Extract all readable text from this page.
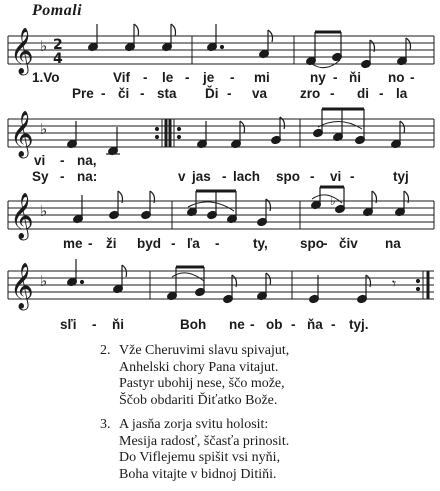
Pomali
𝄞 ♭ 2
4
1.Vo	Vif - le - je - mi	ny - ňi no -
Pre - či - sta Ďi - va zro - di - la
𝄞 ♭
vi - na,
Sy - na:	v jas - lach spo - vi -	tyj
𝄞 ♭
♭
me - ži byd - ľa - ty, spo
- čiv na
𝄞 ♭	𝄾
sľi - ňi	Boh ne - ob - ňa - tyj.
2. Vže Cheruvimi slavu spivajut,
Anhelski chory Pana vitajut.
Pastyr ubohij nese, ščo može,
Ščob obdariti Ďiťatko Bože.
3. A jasňa zorja svitu holosit:
Mesija radosť, ščasťa prinosit.
Do Viflejemu spišit vsi nyňi,
Boha vitajte v bidnoj Ditiňi.
